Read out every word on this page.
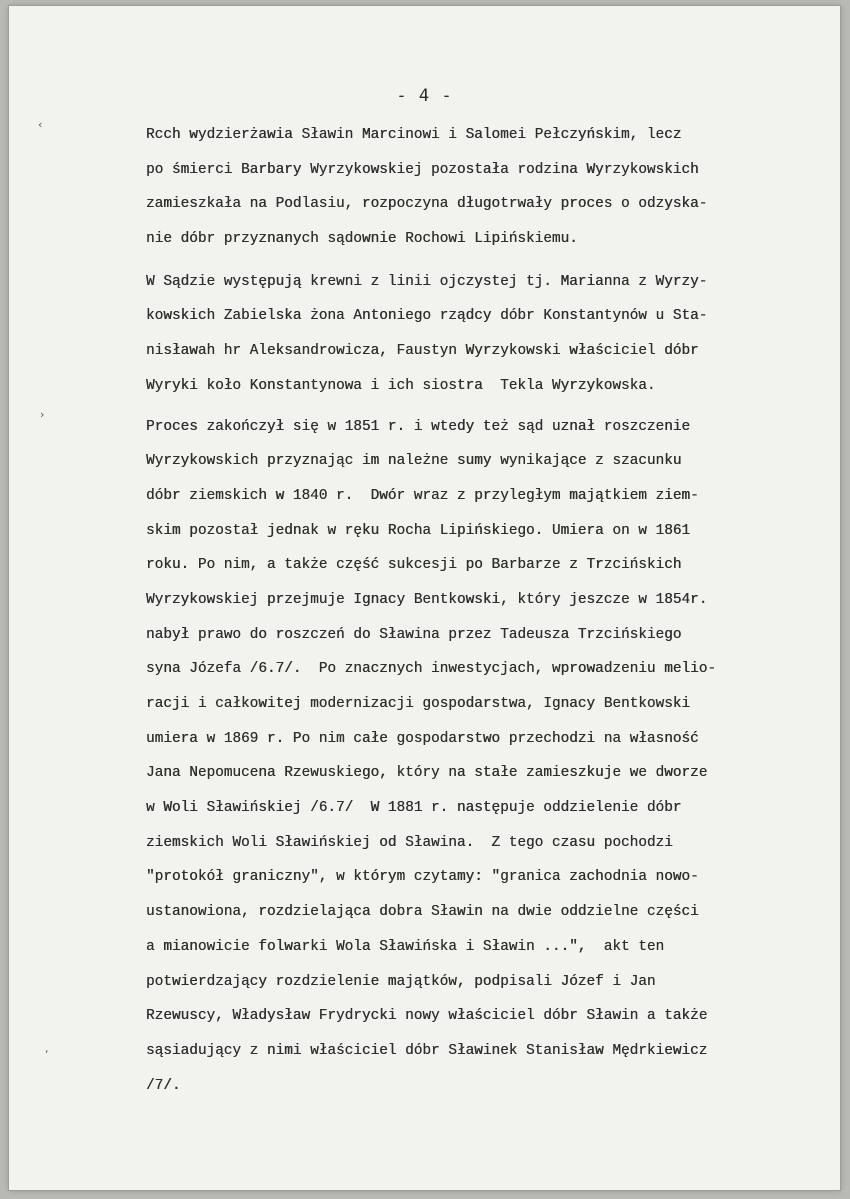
- 4 -
‹
›
,
Rcch wydzierżawia Sławin Marcinowi i Salomei Pełczyńskim, lecz
po śmierci Barbary Wyrzykowskiej pozostała rodzina Wyrzykowskich
zamieszkała na Podlasiu, rozpoczyna długotrwały proces o odzyska-
nie dóbr przyznanych sądownie Rochowi Lipińskiemu.
W Sądzie występują krewni z linii ojczystej tj. Marianna z Wyrzy-
kowskich Zabielska żona Antoniego rządcy dóbr Konstantynów u Sta-
nisławah hr Aleksandrowicza, Faustyn Wyrzykowski właściciel dóbr
Wyryki koło Konstantynowa i ich siostra  Tekla Wyrzykowska.
Proces zakończył się w 1851 r. i wtedy też sąd uznał roszczenie
Wyrzykowskich przyznając im należne sumy wynikające z szacunku
dóbr ziemskich w 1840 r.  Dwór wraz z przyległym majątkiem ziem-
skim pozostał jednak w ręku Rocha Lipińskiego. Umiera on w 1861
roku. Po nim, a także część sukcesji po Barbarze z Trzcińskich
Wyrzykowskiej przejmuje Ignacy Bentkowski, który jeszcze w 1854r.
nabył prawo do roszczeń do Sławina przez Tadeusza Trzcińskiego
syna Józefa /6.7/.  Po znacznych inwestycjach, wprowadzeniu melio-
racji i całkowitej modernizacji gospodarstwa, Ignacy Bentkowski
umiera w 1869 r. Po nim całe gospodarstwo przechodzi na własność
Jana Nepomucena Rzewuskiego, który na stałe zamieszkuje we dworze
w Woli Sławińskiej /6.7/  W 1881 r. następuje oddzielenie dóbr
ziemskich Woli Sławińskiej od Sławina.  Z tego czasu pochodzi
"protokół graniczny", w którym czytamy: "granica zachodnia nowo-
ustanowiona, rozdzielająca dobra Sławin na dwie oddzielne części
a mianowicie folwarki Wola Sławińska i Sławin ...",  akt ten
potwierdzający rozdzielenie majątków, podpisali Józef i Jan
Rzewuscy, Władysław Frydrycki nowy właściciel dóbr Sławin a także
sąsiadujący z nimi właściciel dóbr Sławinek Stanisław Mędrkiewicz
/7/.
